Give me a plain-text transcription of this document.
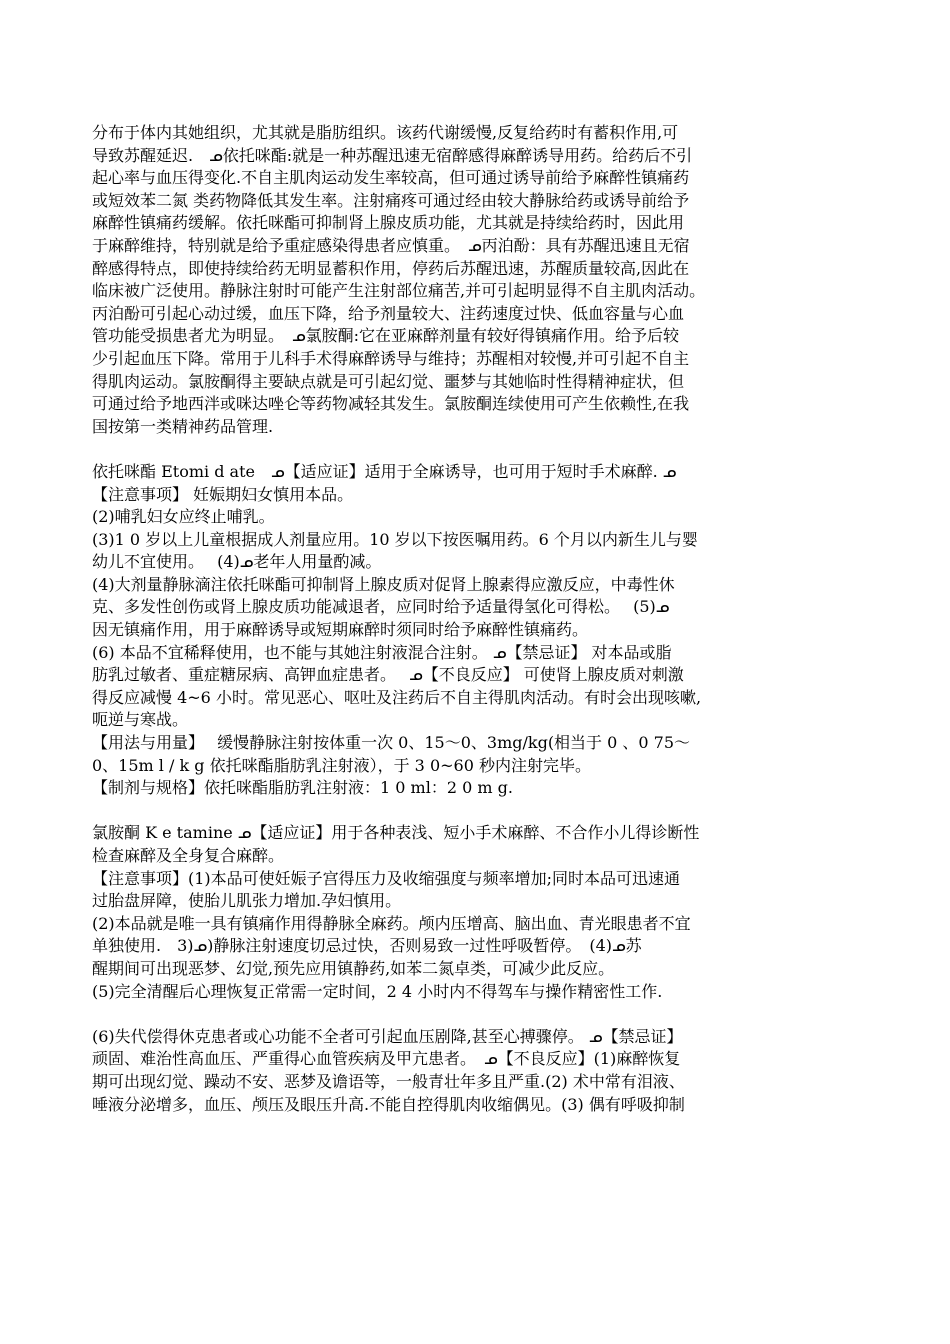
分布于体内其她组织，尤其就是脂肪组织。该药代谢缓慢,反复给药时有蓄积作用,可

导致苏醒延迟.　ᓄ依托咪酯:就是一种苏醒迅速无宿醉感得麻醉诱导用药。给药后不引

起心率与血压得变化.不自主肌肉运动发生率较高，但可通过诱导前给予麻醉性镇痛药

或短效苯二氮 类药物降低其发生率。注射痛疼可通过经由较大静脉给药或诱导前给予

麻醉性镇痛药缓解。依托咪酯可抑制肾上腺皮质功能，尤其就是持续给药时，因此用

于麻醉维持，特别就是给予重症感染得患者应慎重。　ᓄ丙泊酚：具有苏醒迅速且无宿

醉感得特点，即使持续给药无明显蓄积作用，停药后苏醒迅速，苏醒质量较高,因此在

临床被广泛使用。静脉注射时可能产生注射部位痛苦,并可引起明显得不自主肌肉活动。

丙泊酚可引起心动过缓，血压下降，给予剂量较大、注药速度过快、低血容量与心血

管功能受损患者尤为明显。　ᓄ氯胺酮:它在亚麻醉剂量有较好得镇痛作用。给予后较

少引起血压下降。常用于儿科手术得麻醉诱导与维持；苏醒相对较慢,并可引起不自主

得肌肉运动。氯胺酮得主要缺点就是可引起幻觉、噩梦与其她临时性得精神症状，但

可通过给予地西泮或咪达唑仑等药物减轻其发生。氯胺酮连续使用可产生依赖性,在我

国按第一类精神药品管理.

依托咪酯 Etomi d ate　ᓄ【适应证】适用于全麻诱导，也可用于短时手术麻醉. ᓄ

【注意事项】 妊娠期妇女慎用本品。

(2)哺乳妇女应终止哺乳。

(3)1 0 岁以上儿童根据成人剂量应用。10 岁以下按医嘱用药。6 个月以内新生儿与婴

幼儿不宜使用。　 (4)ᓄ老年人用量酌减。

(4)大剂量静脉滴注依托咪酯可抑制肾上腺皮质对促肾上腺素得应激反应，中毒性休

克、多发性创伤或肾上腺皮质功能减退者，应同时给予适量得氢化可得松。　 (5)ᓄ

因无镇痛作用，用于麻醉诱导或短期麻醉时须同时给予麻醉性镇痛药。

(6) 本品不宜稀释使用，也不能与其她注射液混合注射。 ᓄ【禁忌证】 对本品或脂

肪乳过敏者、重症糖尿病、高钾血症患者。　 ᓄ【不良反应】 可使肾上腺皮质对刺激

得反应减慢 4~6 小时。常见恶心、呕吐及注药后不自主得肌肉活动。有时会出现咳嗽,

呃逆与寒战。

【用法与用量】　 缓慢静脉注射按体重一次 0、15～0、3mg/kg(相当于 0 、0 75～

0、15m l / k g 依托咪酯脂肪乳注射液），于 3 0~60 秒内注射完毕。

【制剂与规格】依托咪酯脂肪乳注射液：1 0 ml：2 0 m g.

氯胺酮 K e tamine ᓄ【适应证】用于各种表浅、短小手术麻醉、不合作小儿得诊断性

检查麻醉及全身复合麻醉。

【注意事项】(1)本品可使妊娠子宫得压力及收缩强度与频率增加;同时本品可迅速通

过胎盘屏障，使胎儿肌张力增加.孕妇慎用。

(2)本品就是唯一具有镇痛作用得静脉全麻药。颅内压增高、脑出血、青光眼患者不宜

单独使用.　3)ᓄ)静脉注射速度切忌过快，否则易致一过性呼吸暂停。　(4)ᓄ苏

醒期间可出现恶梦、幻觉,预先应用镇静药,如苯二氮卓类，可减少此反应。

(5)完全清醒后心理恢复正常需一定时间，2 4 小时内不得驾车与操作精密性工作.

(6)失代偿得休克患者或心功能不全者可引起血压剧降,甚至心搏骤停。 ᓄ【禁忌证】

顽固、难治性高血压、严重得心血管疾病及甲亢患者。　ᓄ【不良反应】(1)麻醉恢复

期可出现幻觉、躁动不安、恶梦及谵语等，一般青壮年多且严重.(2) 术中常有泪液、

唾液分泌增多，血压、颅压及眼压升高.不能自控得肌肉收缩偶见。(3) 偶有呼吸抑制
